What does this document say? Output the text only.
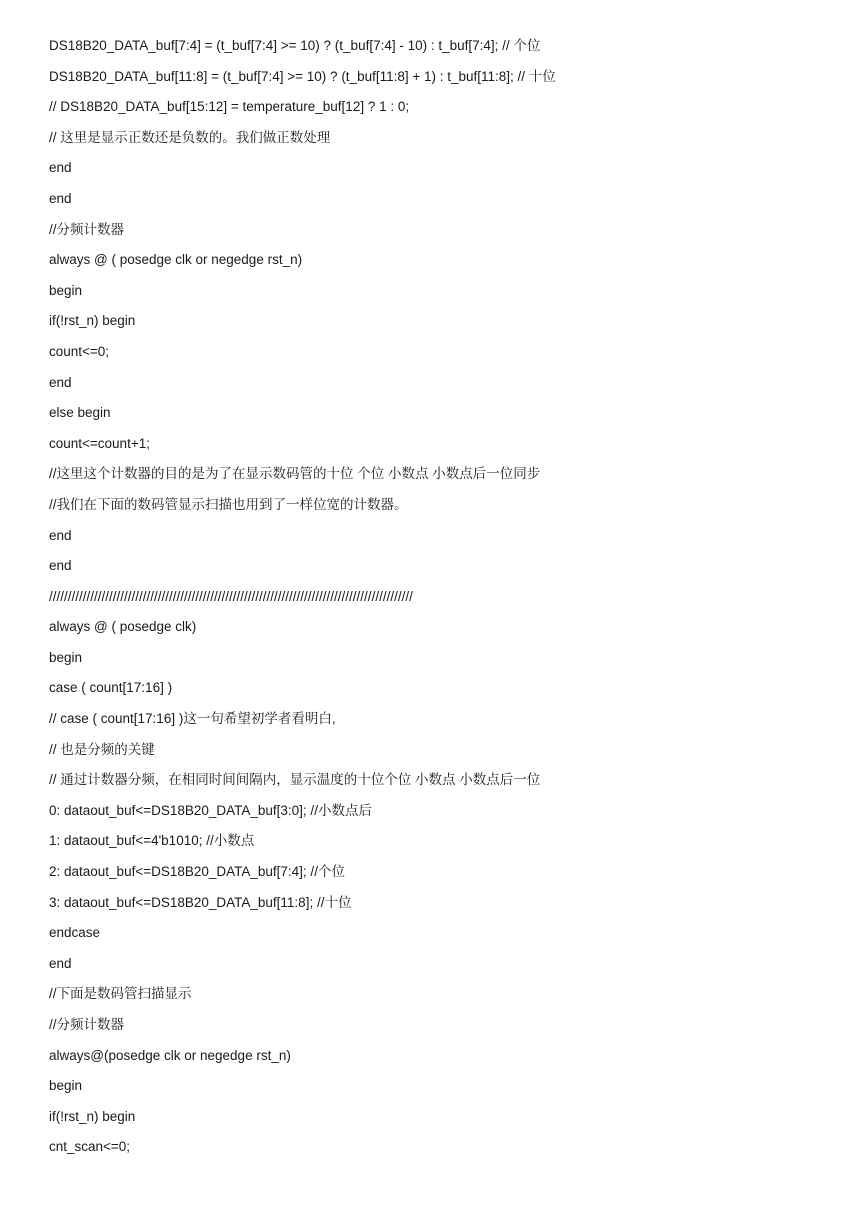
DS18B20_DATA_buf[7:4] = (t_buf[7:4] >= 10) ? (t_buf[7:4] - 10) : t_buf[7:4]; // 个位
DS18B20_DATA_buf[11:8] = (t_buf[7:4] >= 10) ? (t_buf[11:8] + 1) : t_buf[11:8]; // 十位
// DS18B20_DATA_buf[15:12] = temperature_buf[12] ? 1 : 0;
// 这里是显示正数还是负数的。我们做正数处理
end
end
//分频计数器
always @ ( posedge clk or negedge rst_n)
begin
if(!rst_n) begin
count<=0;
end
else begin
count<=count+1;
//这里这个计数器的目的是为了在显示数码管的十位 个位 小数点 小数点后一位同步
//我们在下面的数码管显示扫描也用到了一样位宽的计数器。
end
end
/////////////////////////////////////////////////////////////////////////////////////////////////
always @ ( posedge clk)
begin
case ( count[17:16] )
// case ( count[17:16] )这一句希望初学者看明白,
// 也是分频的关键
// 通过计数器分频，在相同时间间隔内，显示温度的十位个位 小数点 小数点后一位
0: dataout_buf<=DS18B20_DATA_buf[3:0]; //小数点后
1: dataout_buf<=4'b1010; //小数点
2: dataout_buf<=DS18B20_DATA_buf[7:4]; //个位
3: dataout_buf<=DS18B20_DATA_buf[11:8]; //十位
endcase
end
//下面是数码管扫描显示
//分频计数器
always@(posedge clk or negedge rst_n)
begin
if(!rst_n) begin
cnt_scan<=0;
